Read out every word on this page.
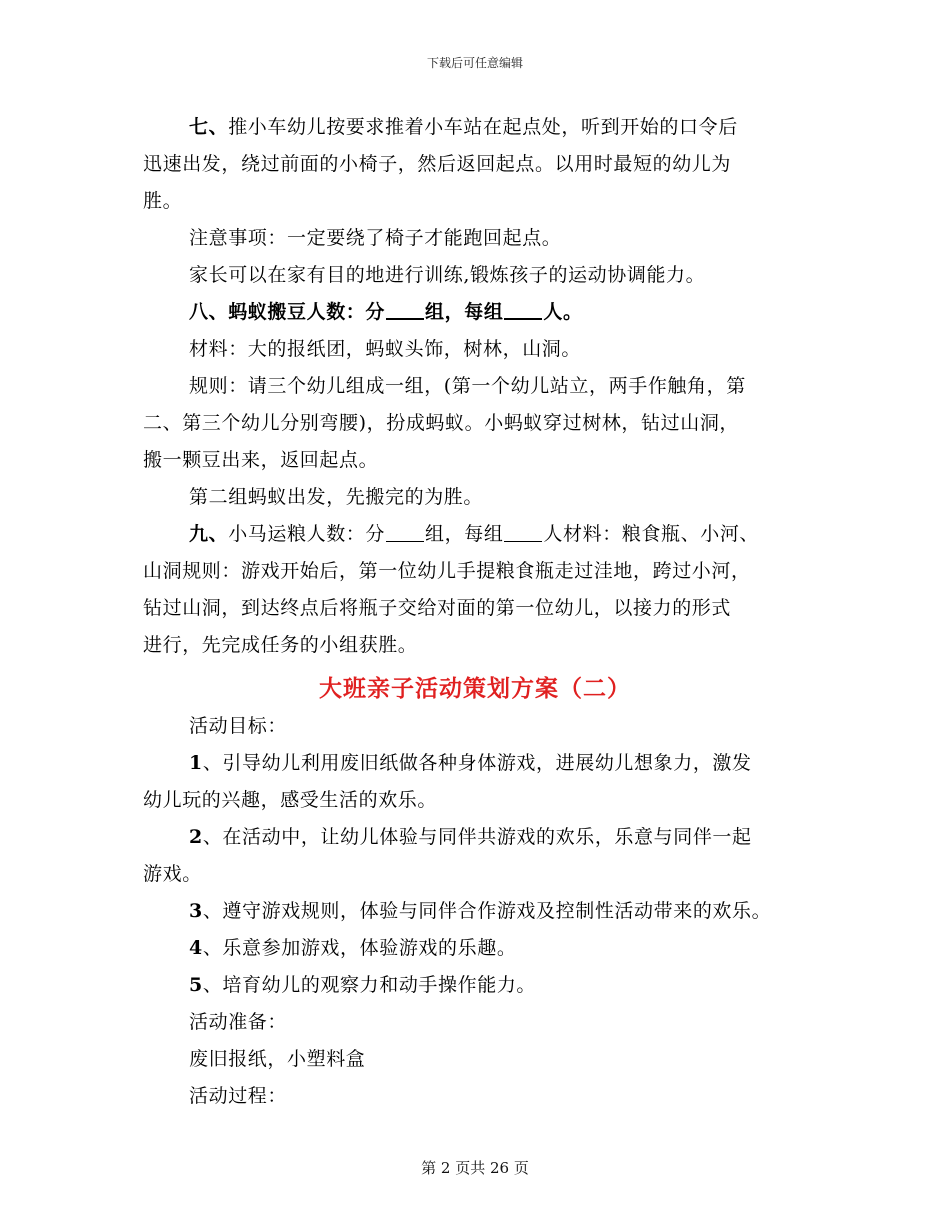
下载后可任意编辑
七、推小车幼儿按要求推着小车站在起点处，听到开始的口令后
迅速出发，绕过前面的小椅子，然后返回起点。以用时最短的幼儿为
胜。
注意事项：一定要绕了椅子才能跑回起点。
家长可以在家有目的地进行训练,锻炼孩子的运动协调能力。
八、蚂蚁搬豆人数：分 组，每组 人。
材料：大的报纸团，蚂蚁头饰，树林，山洞。
规则：请三个幼儿组成一组，(第一个幼儿站立，两手作触角，第
二、第三个幼儿分别弯腰)，扮成蚂蚁。小蚂蚁穿过树林，钻过山洞，
搬一颗豆出来，返回起点。
第二组蚂蚁出发，先搬完的为胜。
九、小马运粮人数：分 组，每组 人材料：粮食瓶、小河、
山洞规则：游戏开始后，第一位幼儿手提粮食瓶走过洼地，跨过小河，
钻过山洞，到达终点后将瓶子交给对面的第一位幼儿，以接力的形式
进行，先完成任务的小组获胜。
大班亲子活动策划方案（二）
活动目标：
1、引导幼儿利用废旧纸做各种身体游戏，进展幼儿想象力，激发
幼儿玩的兴趣，感受生活的欢乐。
2、在活动中，让幼儿体验与同伴共游戏的欢乐，乐意与同伴一起
游戏。
3、遵守游戏规则，体验与同伴合作游戏及控制性活动带来的欢乐。
4、乐意参加游戏，体验游戏的乐趣。
5、培育幼儿的观察力和动手操作能力。
活动准备：
废旧报纸，小塑料盒
活动过程：
第 2 页共 26 页
